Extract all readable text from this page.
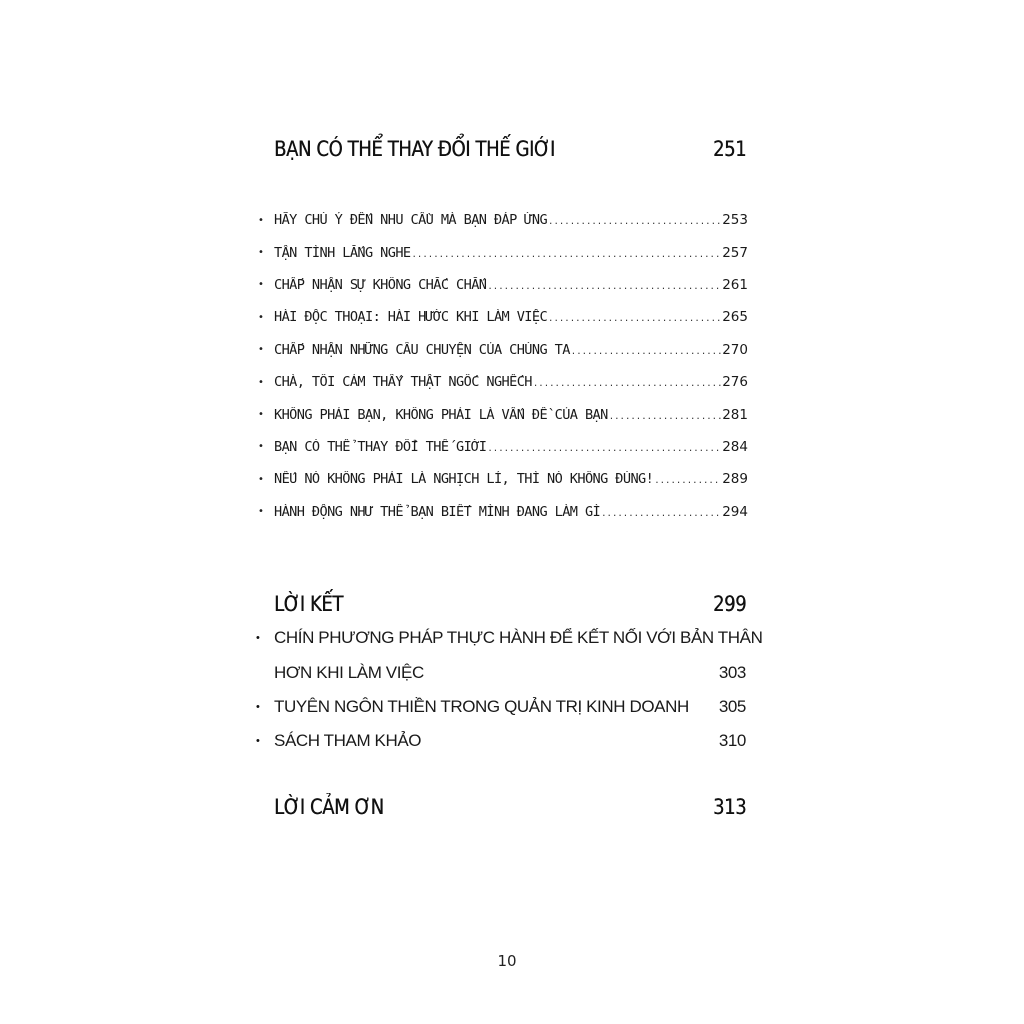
BẠN CÓ THỂ THAY ĐỔI THẾ GIỚI	251
• HÃY CHÚ Ý ĐẾN NHU CẦU MÀ BẠN ĐÁP ỨNG .....	253
• TẬN TÌNH LẮNG NGHE .....	257
• CHẤP NHẬN SỰ KHÔNG CHẮC CHẮN .....	261
• HÀI ĐỘC THOẠI: HÀI HƯỚC KHI LÀM VIỆC .....	265
• CHẤP NHẬN NHỮNG CÂU CHUYỆN CỦA CHÚNG TA .....	270
• CHÀ, TÔI CẢM THẤY THẬT NGỐC NGHẾCH .....	276
• KHÔNG PHẢI BẠN, KHÔNG PHẢI LÀ VẤN ĐỀ CỦA BẠN .....	281
• BẠN CÓ THỂ THAY ĐỔI THẾ GIỚI .....	284
• NẾU NÓ KHÔNG PHẢI LÀ NGHỊCH LÍ, THÌ NÓ KHÔNG ĐÚNG! .....	289
• HÀNH ĐỘNG NHƯ THỂ BẠN BIẾT MÌNH ĐANG LÀM GÌ .....	294
LỜI KẾT	299
• CHÍN PHƯƠNG PHÁP THỰC HÀNH ĐỂ KẾT NỐI VỚI BẢN THÂN
HƠN KHI LÀM VIỆC	303
• TUYÊN NGÔN THIỀN TRONG QUẢN TRỊ KINH DOANH	305
• SÁCH THAM KHẢO	310
LỜI CẢM ƠN	313
10
